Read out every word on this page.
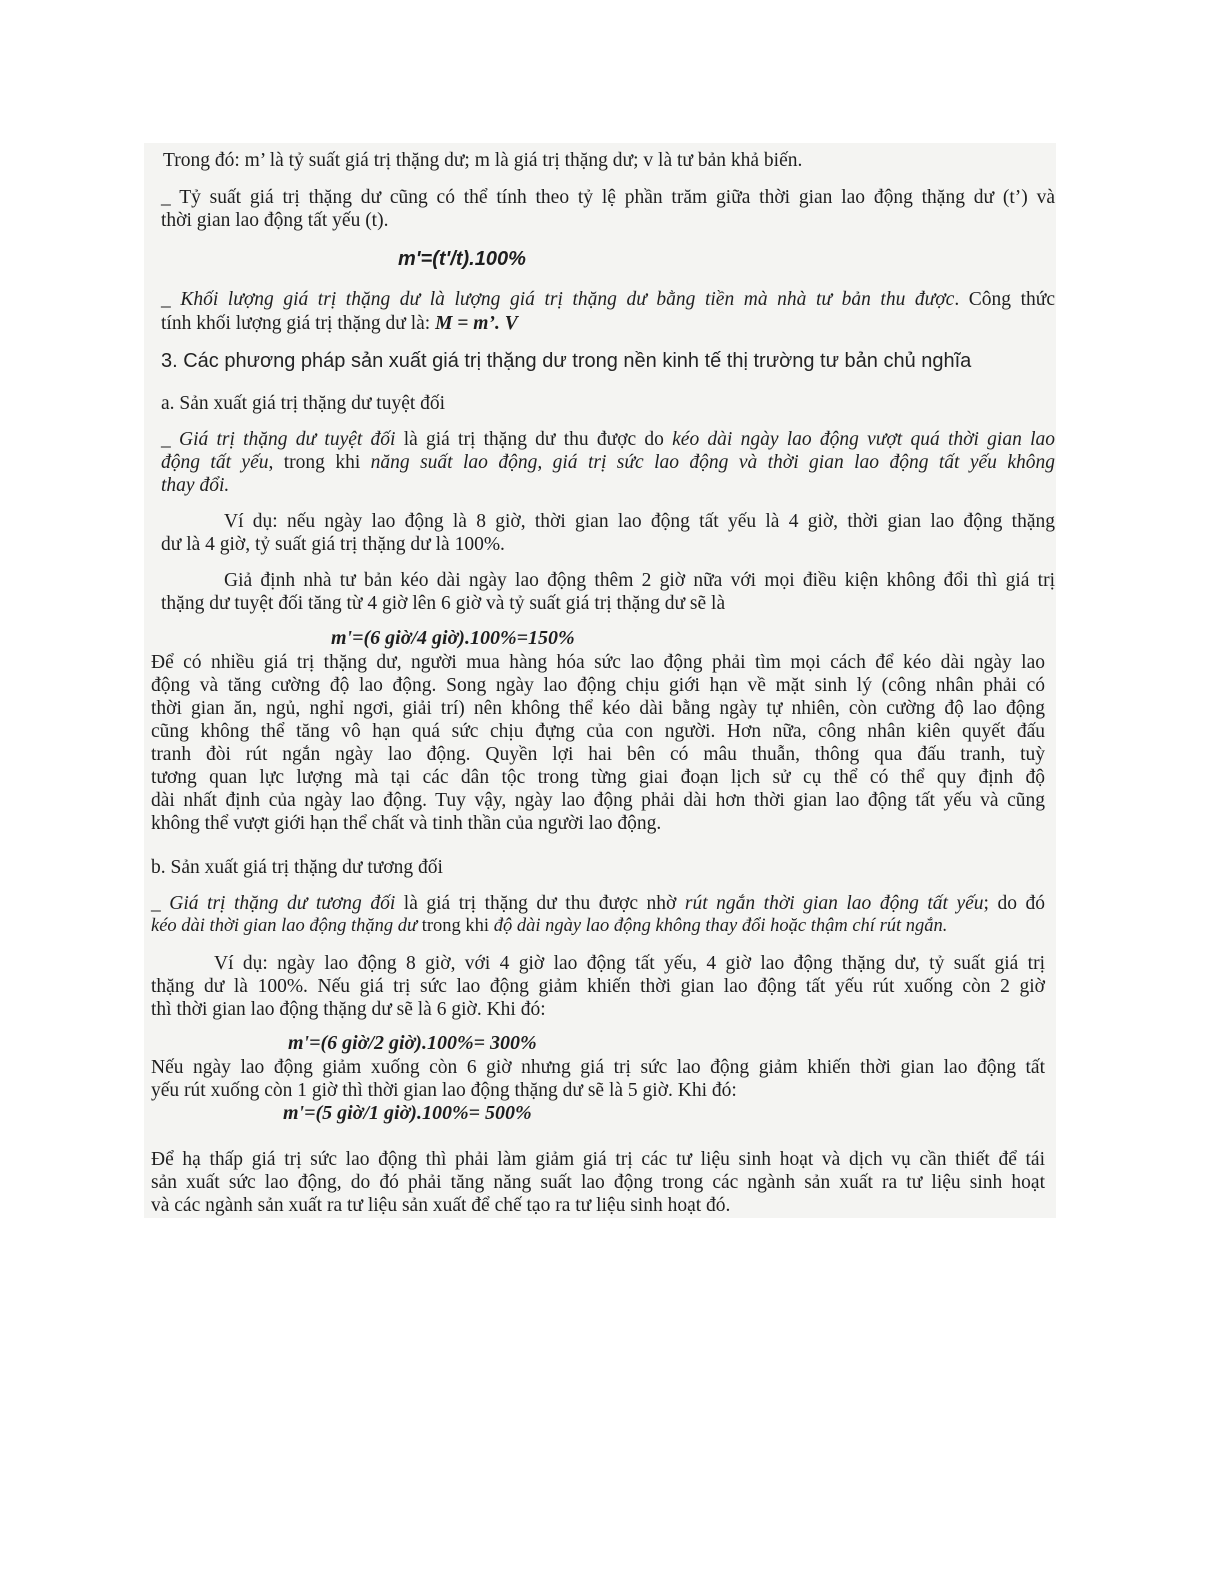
Trong đó: m’ là tỷ suất giá trị thặng dư; m là giá trị thặng dư; v là tư bản khả biến.
_ Tỷ suất giá trị thặng dư cũng có thể tính theo tỷ lệ phần trăm giữa thời gian lao động thặng dư (t’) và
thời gian lao động tất yếu (t).
m'=(t'/t).100%
_ Khối lượng giá trị thặng dư là lượng giá trị thặng dư bằng tiền mà nhà tư bản thu được. Công thức
tính khối lượng giá trị thặng dư là: M = m’. V
3. Các phương pháp sản xuất giá trị thặng dư trong nền kinh tế thị trường tư bản chủ nghĩa
a. Sản xuất giá trị thặng dư tuyệt đối
_ Giá trị thặng dư tuyệt đối là giá trị thặng dư thu được do kéo dài ngày lao động vượt quá thời gian lao
động tất yếu, trong khi năng suất lao động, giá trị sức lao động và thời gian lao động tất yếu không
thay đổi.
Ví dụ: nếu ngày lao động là 8 giờ, thời gian lao động tất yếu là 4 giờ, thời gian lao động thặng
dư là 4 giờ, tỷ suất giá trị thặng dư là 100%.
Giả định nhà tư bản kéo dài ngày lao động thêm 2 giờ nữa với mọi điều kiện không đổi thì giá trị
thặng dư tuyệt đối tăng từ 4 giờ lên 6 giờ và tỷ suất giá trị thặng dư sẽ là
m'=(6 giờ/4 giờ).100%=150%
Để có nhiều giá trị thặng dư, người mua hàng hóa sức lao động phải tìm mọi cách để kéo dài ngày lao
động và tăng cường độ lao động. Song ngày lao động chịu giới hạn về mặt sinh lý (công nhân phải có
thời gian ăn, ngủ, nghỉ ngơi, giải trí) nên không thể kéo dài bằng ngày tự nhiên, còn cường độ lao động
cũng không thể tăng vô hạn quá sức chịu đựng của con người. Hơn nữa, công nhân kiên quyết đấu
tranh đòi rút ngắn ngày lao động. Quyền lợi hai bên có mâu thuẫn, thông qua đấu tranh, tuỳ
tương quan lực lượng mà tại các dân tộc trong từng giai đoạn lịch sử cụ thể có thể quy định độ
dài nhất định của ngày lao động. Tuy vậy, ngày lao động phải dài hơn thời gian lao động tất yếu và cũng
không thể vượt giới hạn thể chất và tinh thần của người lao động.
b. Sản xuất giá trị thặng dư tương đối
_ Giá trị thặng dư tương đối là giá trị thặng dư thu được nhờ rút ngắn thời gian lao động tất yếu; do đó
kéo dài thời gian lao động thặng dư trong khi độ dài ngày lao động không thay đổi hoặc thậm chí rút ngắn.
Ví dụ: ngày lao động 8 giờ, với 4 giờ lao động tất yếu, 4 giờ lao động thặng dư, tỷ suất giá trị
thặng dư là 100%. Nếu giá trị sức lao động giảm khiến thời gian lao động tất yếu rút xuống còn 2 giờ
thì thời gian lao động thặng dư sẽ là 6 giờ. Khi đó:
m'=(6 giờ/2 giờ).100%= 300%
Nếu ngày lao động giảm xuống còn 6 giờ nhưng giá trị sức lao động giảm khiến thời gian lao động tất
yếu rút xuống còn 1 giờ thì thời gian lao động thặng dư sẽ là 5 giờ. Khi đó:
m'=(5 giờ/1 giờ).100%= 500%
Để hạ thấp giá trị sức lao động thì phải làm giảm giá trị các tư liệu sinh hoạt và dịch vụ cần thiết để tái
sản xuất sức lao động, do đó phải tăng năng suất lao động trong các ngành sản xuất ra tư liệu sinh hoạt
và các ngành sản xuất ra tư liệu sản xuất để chế tạo ra tư liệu sinh hoạt đó.
